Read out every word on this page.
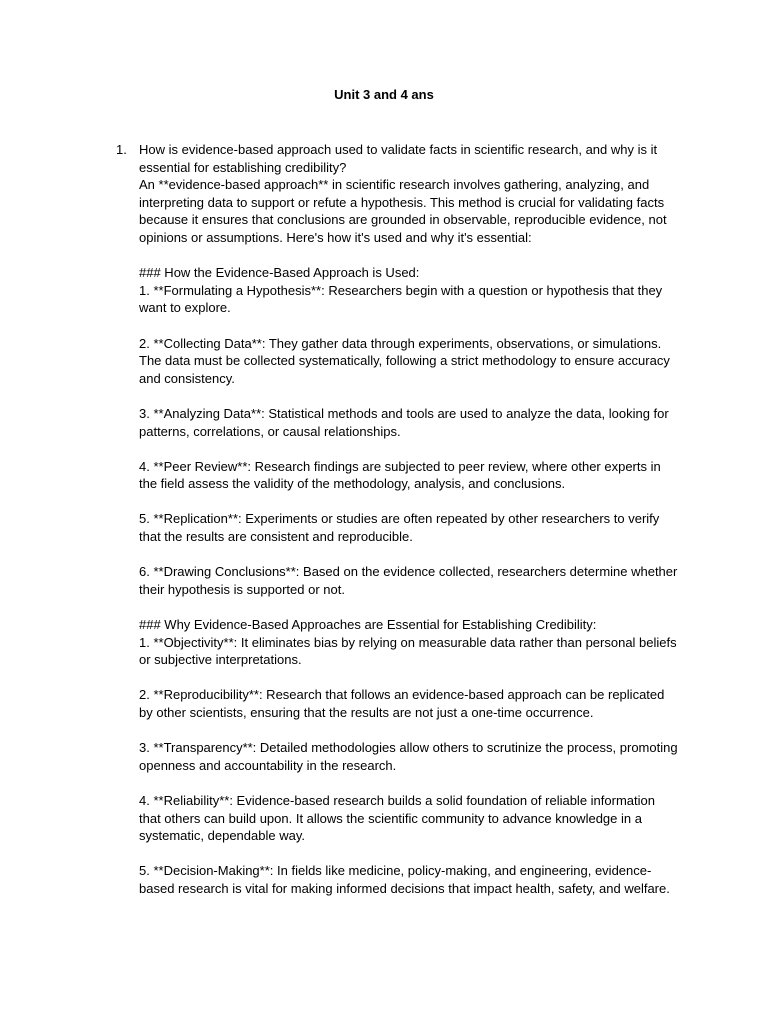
Unit 3 and 4 ans
1. How is evidence-based approach used to validate facts in scientific research, and why is it essential for establishing credibility?

An **evidence-based approach** in scientific research involves gathering, analyzing, and interpreting data to support or refute a hypothesis. This method is crucial for validating facts because it ensures that conclusions are grounded in observable, reproducible evidence, not opinions or assumptions. Here's how it's used and why it's essential:

### How the Evidence-Based Approach is Used:

1. **Formulating a Hypothesis**: Researchers begin with a question or hypothesis that they want to explore.

2. **Collecting Data**: They gather data through experiments, observations, or simulations. The data must be collected systematically, following a strict methodology to ensure accuracy and consistency.

3. **Analyzing Data**: Statistical methods and tools are used to analyze the data, looking for patterns, correlations, or causal relationships.

4. **Peer Review**: Research findings are subjected to peer review, where other experts in the field assess the validity of the methodology, analysis, and conclusions.

5. **Replication**: Experiments or studies are often repeated by other researchers to verify that the results are consistent and reproducible.

6. **Drawing Conclusions**: Based on the evidence collected, researchers determine whether their hypothesis is supported or not.

### Why Evidence-Based Approaches are Essential for Establishing Credibility:

1. **Objectivity**: It eliminates bias by relying on measurable data rather than personal beliefs or subjective interpretations.

2. **Reproducibility**: Research that follows an evidence-based approach can be replicated by other scientists, ensuring that the results are not just a one-time occurrence.

3. **Transparency**: Detailed methodologies allow others to scrutinize the process, promoting openness and accountability in the research.

4. **Reliability**: Evidence-based research builds a solid foundation of reliable information that others can build upon. It allows the scientific community to advance knowledge in a systematic, dependable way.

5. **Decision-Making**: In fields like medicine, policy-making, and engineering, evidence-based research is vital for making informed decisions that impact health, safety, and welfare.
